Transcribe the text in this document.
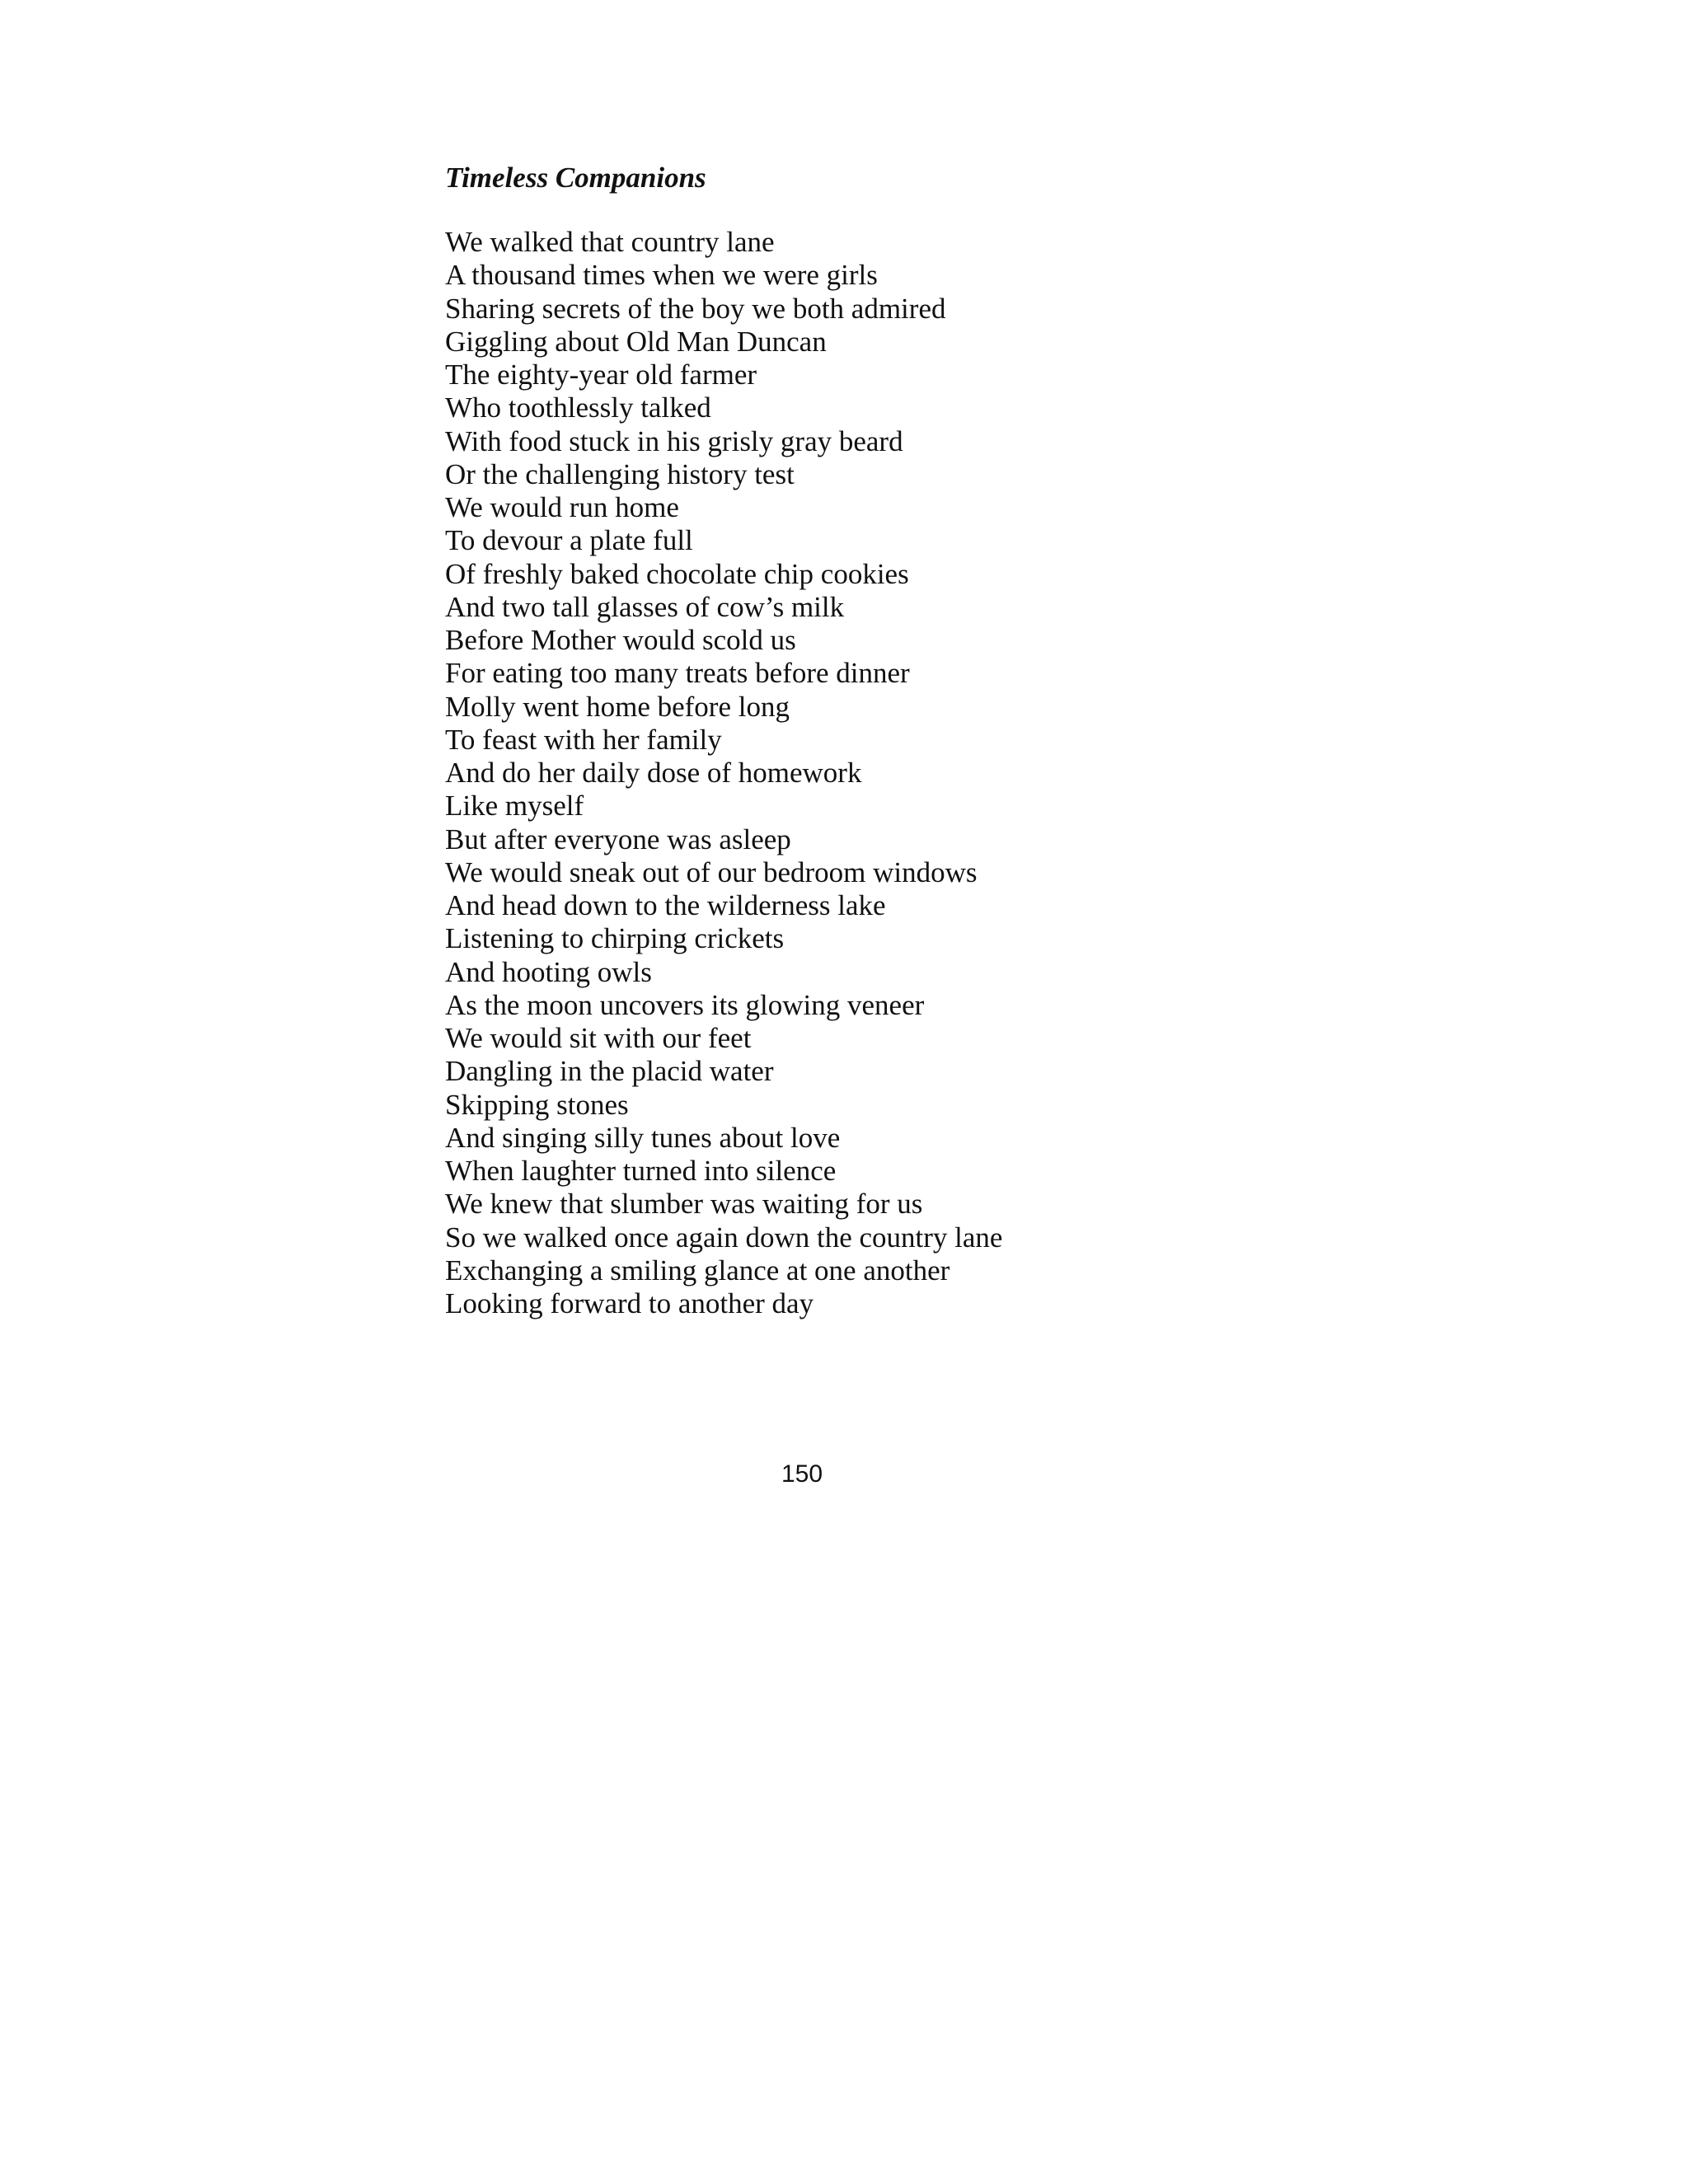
Timeless Companions
We walked that country lane
A thousand times when we were girls
Sharing secrets of the boy we both admired
Giggling about Old Man Duncan
The eighty-year old farmer
Who toothlessly talked
With food stuck in his grisly gray beard
Or the challenging history test
We would run home
To devour a plate full
Of freshly baked chocolate chip cookies
And two tall glasses of cow’s milk
Before Mother would scold us
For eating too many treats before dinner
Molly went home before long
To feast with her family
And do her daily dose of homework
Like myself
But after everyone was asleep
We would sneak out of our bedroom windows
And head down to the wilderness lake
Listening to chirping crickets
And hooting owls
As the moon uncovers its glowing veneer
We would sit with our feet
Dangling in the placid water
Skipping stones
And singing silly tunes about love
When laughter turned into silence
We knew that slumber was waiting for us
So we walked once again down the country lane
Exchanging a smiling glance at one another
Looking forward to another day
150
